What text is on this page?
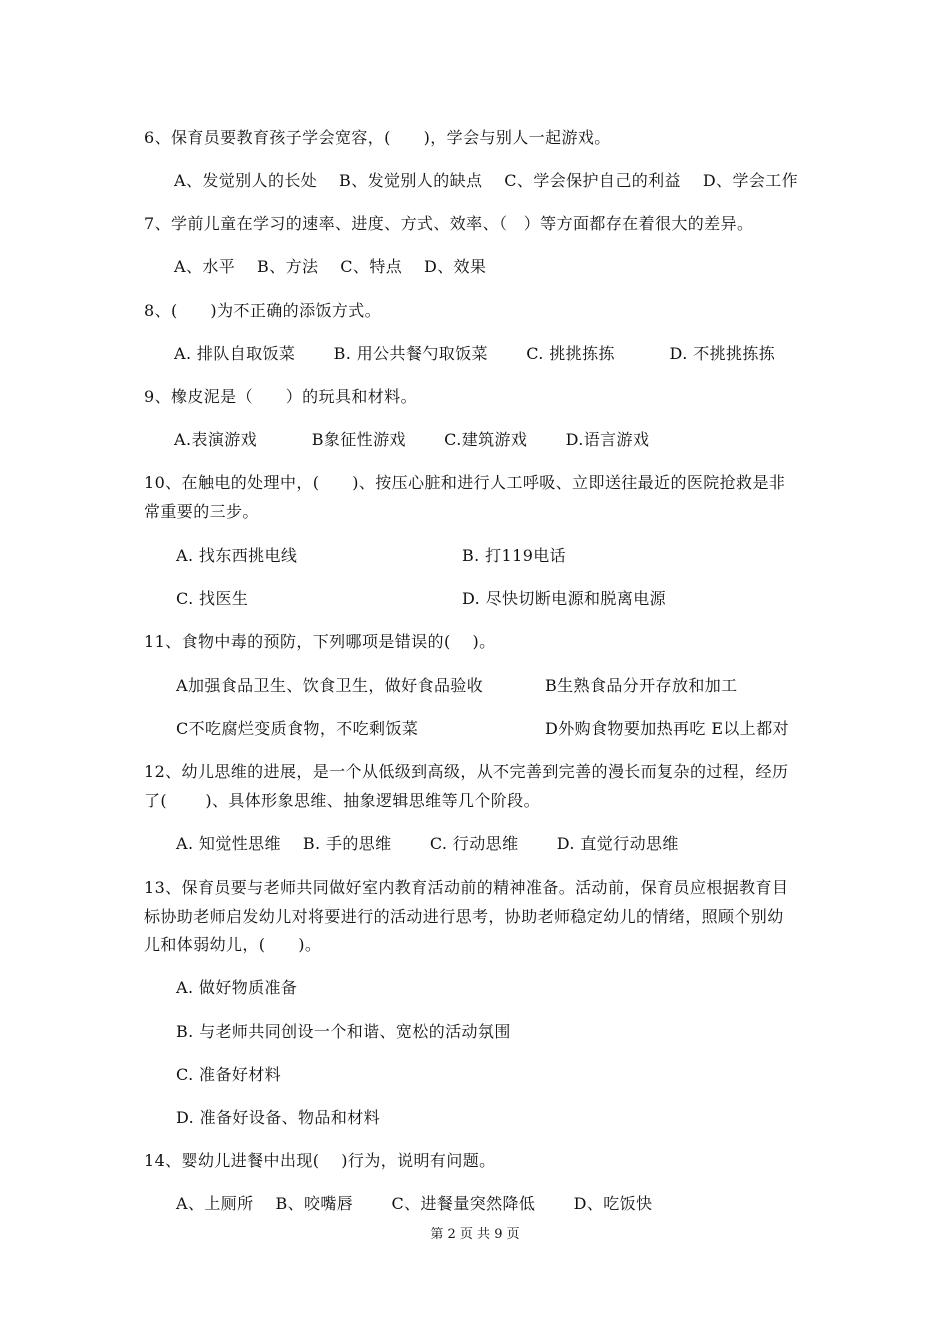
6、保育员要教育孩子学会宽容，(　　)，学会与别人一起游戏。
A、发觉别人的长处　 B、发觉别人的缺点　 C、学会保护自己的利益　 D、学会工作
7、学前儿童在学习的速率、进度、方式、效率、（　）等方面都存在着很大的差异。
A、水平　 B、方法　 C、特点　 D、效果
8、(　　)为不正确的添饭方式。
A. 排队自取饭菜　　 B. 用公共餐勺取饭菜　　 C. 挑挑拣拣　　　 D. 不挑挑拣拣
9、橡皮泥是（　　）的玩具和材料。
A.表演游戏　　　 B象征性游戏　　 C.建筑游戏　　 D.语言游戏
10、在触电的处理中，(　　)、按压心脏和进行人工呼吸、立即送往最近的医院抢救是非
常重要的三步。
A. 找东西挑电线	B. 打119电话
C. 找医生	D. 尽快切断电源和脱离电源
11、食物中毒的预防，下列哪项是错误的(　 )。
A加强食品卫生、饮食卫生，做好食品验收	B生熟食品分开存放和加工
C不吃腐烂变质食物，不吃剩饭菜	D外购食物要加热再吃 E以上都对
12、幼儿思维的进展，是一个从低级到高级，从不完善到完善的漫长而复杂的过程，经历
了(　　 )、具体形象思维、抽象逻辑思维等几个阶段。
A. 知觉性思维　 B. 手的思维　　 C. 行动思维　　 D. 直觉行动思维
13、保育员要与老师共同做好室内教育活动前的精神准备。活动前，保育员应根据教育目
标协助老师启发幼儿对将要进行的活动进行思考，协助老师稳定幼儿的情绪，照顾个别幼
儿和体弱幼儿，(　　)。
A. 做好物质准备
B. 与老师共同创设一个和谐、宽松的活动氛围
C. 准备好材料
D. 准备好设备、物品和材料
14、婴幼儿进餐中出现(　 )行为，说明有问题。
A、上厕所　 B、咬嘴唇　　 C、进餐量突然降低　　 D、吃饭快
第 2 页 共 9 页
